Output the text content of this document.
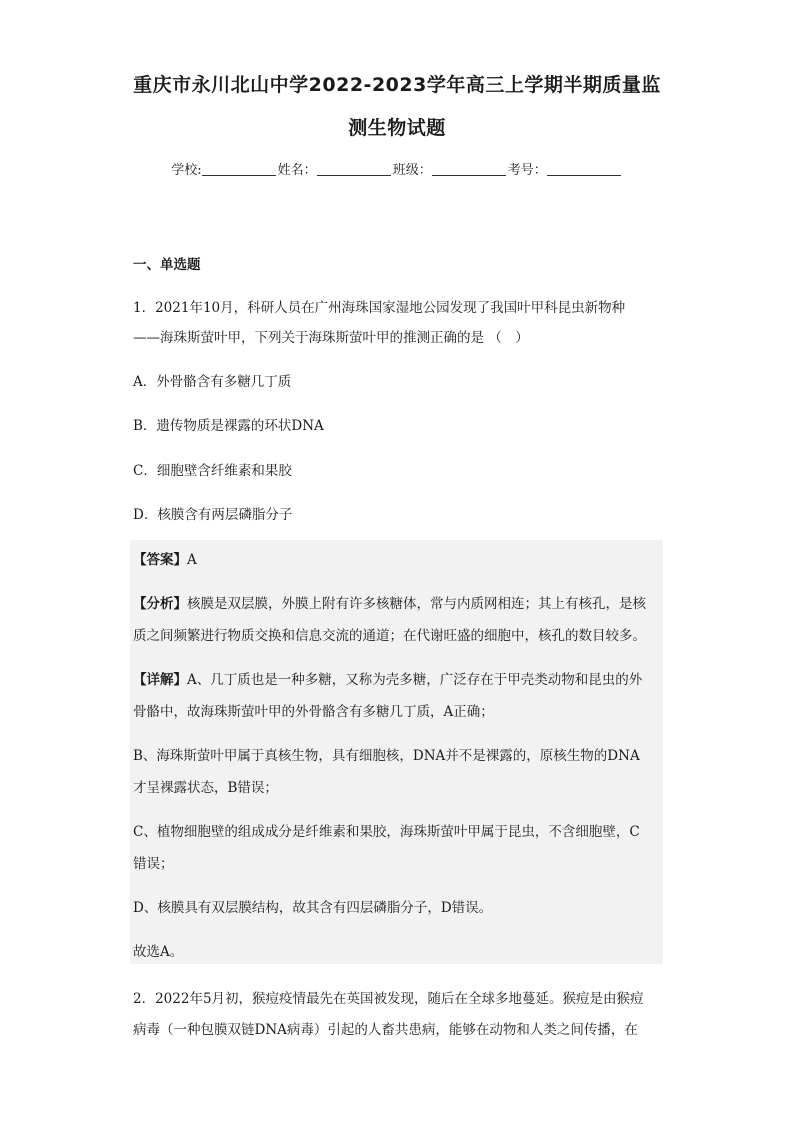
重庆市永川北山中学2022-2023学年高三上学期半期质量监
测生物试题
学校:	姓名：	班级：	考号：
一、单选题
1．2021年10月，科研人员在广州海珠国家湿地公园发现了我国叶甲科昆虫新物种
——海珠斯萤叶甲，下列关于海珠斯萤叶甲的推测正确的是 （　）
A．外骨骼含有多糖几丁质
B．遗传物质是裸露的环状DNA
C．细胞壁含纤维素和果胶
D．核膜含有两层磷脂分子
【答案】A
【分析】核膜是双层膜，外膜上附有许多核糖体，常与内质网相连；其上有核孔，是核
质之间频繁进行物质交换和信息交流的通道；在代谢旺盛的细胞中，核孔的数目较多。
【详解】A、几丁质也是一种多糖，又称为壳多糖，广泛存在于甲壳类动物和昆虫的外
骨骼中，故海珠斯萤叶甲的外骨骼含有多糖几丁质，A正确；
B、海珠斯萤叶甲属于真核生物，具有细胞核，DNA并不是裸露的，原核生物的DNA
才呈裸露状态，B错误；
C、植物细胞壁的组成成分是纤维素和果胶，海珠斯萤叶甲属于昆虫，不含细胞壁，C
错误；
D、核膜具有双层膜结构，故其含有四层磷脂分子，D错误。
故选A。
2．2022年5月初，猴痘疫情最先在英国被发现，随后在全球多地蔓延。猴痘是由猴痘
病毒（一种包膜双链DNA病毒）引起的人畜共患病，能够在动物和人类之间传播，在
